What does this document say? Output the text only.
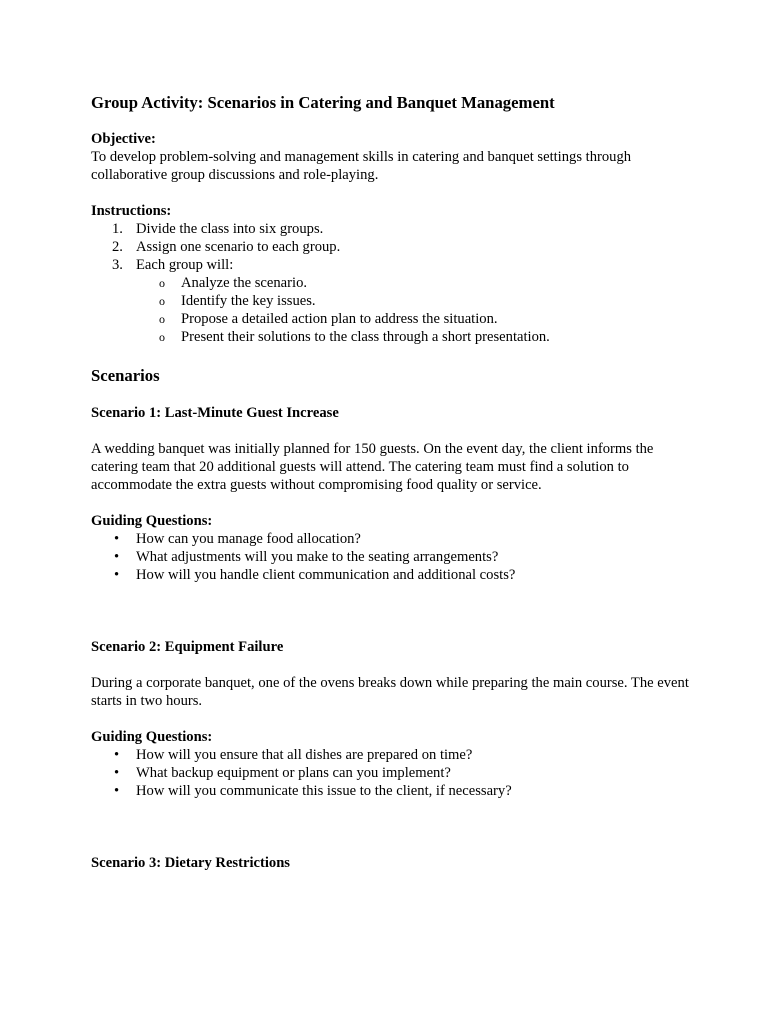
Group Activity: Scenarios in Catering and Banquet Management

Objective:

To develop problem-solving and management skills in catering and banquet settings through collaborative group discussions and role-playing.

Instructions:

1. Divide the class into six groups.
2. Assign one scenario to each group.
3. Each group will:
o Analyze the scenario.
o Identify the key issues.
o Propose a detailed action plan to address the situation.
o Present their solutions to the class through a short presentation.
Scenarios

Scenario 1: Last-Minute Guest Increase

A wedding banquet was initially planned for 150 guests. On the event day, the client informs the catering team that 20 additional guests will attend. The catering team must find a solution to accommodate the extra guests without compromising food quality or service.

Guiding Questions:

• How can you manage food allocation?
• What adjustments will you make to the seating arrangements?
• How will you handle client communication and additional costs?

Scenario 2: Equipment Failure

During a corporate banquet, one of the ovens breaks down while preparing the main course. The event starts in two hours.

Guiding Questions:

• How will you ensure that all dishes are prepared on time?
• What backup equipment or plans can you implement?
• How will you communicate this issue to the client, if necessary?

Scenario 3: Dietary Restrictions
